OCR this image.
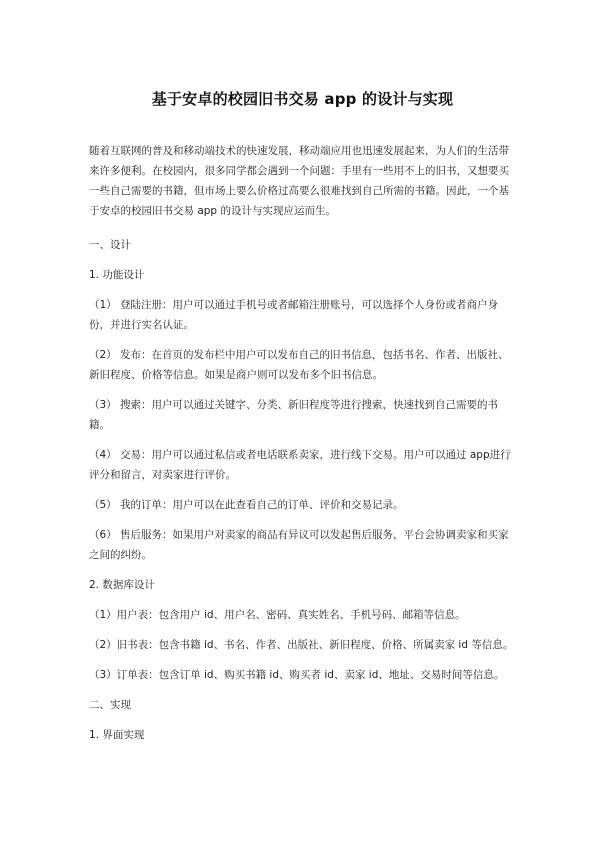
基于安卓的校园旧书交易 app 的设计与实现

随着互联网的普及和移动端技术的快速发展，移动端应用也迅速发展起来，为人们的生活带来许多便利。在校园内，很多同学都会遇到一个问题：手里有一些用不上的旧书，又想要买一些自己需要的书籍，但市场上要么价格过高要么很难找到自己所需的书籍。因此，一个基于安卓的校园旧书交易 app 的设计与实现应运而生。

一、设计

1. 功能设计

（1） 登陆注册：用户可以通过手机号或者邮箱注册账号，可以选择个人身份或者商户身份，并进行实名认证。

（2） 发布：在首页的发布栏中用户可以发布自己的旧书信息，包括书名、作者、出版社、新旧程度、价格等信息。如果是商户则可以发布多个旧书信息。

（3） 搜索：用户可以通过关键字、分类、新旧程度等进行搜索，快速找到自己需要的书籍。

（4） 交易：用户可以通过私信或者电话联系卖家，进行线下交易。用户可以通过 app进行评分和留言，对卖家进行评价。

（5） 我的订单：用户可以在此查看自己的订单、评价和交易记录。

（6） 售后服务：如果用户对卖家的商品有异议可以发起售后服务，平台会协调卖家和买家之间的纠纷。

2. 数据库设计

（1）用户表：包含用户 id、用户名、密码、真实姓名、手机号码、邮箱等信息。

（2）旧书表：包含书籍 id、书名、作者、出版社、新旧程度、价格、所属卖家 id 等信息。

（3）订单表：包含订单 id、购买书籍 id、购买者 id、卖家 id、地址、交易时间等信息。

二、实现

1. 界面实现
